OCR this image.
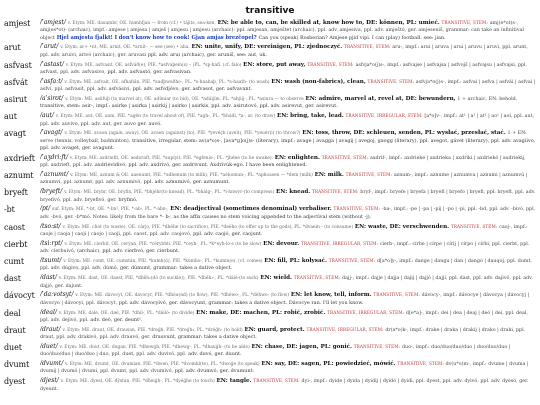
transitive
amjest	/ˈamjest/ v. Etym: ME. daxumbr, OE. humbfjan — from (cf.) • tájits, sea-ken, EN: be able to, can, be skilled at, know how to, DE: können, PL: umieć. TRANSITIVE, STEM: amj(e*ot)s-, amj(es*ot)- (archaic), impf.: amjese | amjesa | amješ | amjesu | amjesu (archaic): ppl. amjesan, amještet (archaic), ppl. adv. amjesiva, ppl. adv. amještó, ger. amjeseniš, grammar: can take an infinitival object Hjel amjesta fjalkt! I don't know how to cook! Gjan amjas brezčopel? Can you (speak) Rosberian? Amjese pjid vipi. I can (play) football. see: jian.
arut	/ˈarut/ v. Etym: ar+ •nt, ME. arnit, OE. *arnít– — see (see) • aha. EN: unite, unify, DE: vereinigen, PL: zjednoczyć. TRANSITIVE, STEM: aru-, impf.: arui | aruva | arui | aruvu | aruvi, ppl. arunt, ppl. adv. aruivi, arivó (archaic), ger. aruvasi ppl. adv. arui (archaic), ger. aruniš, see: aut, uk.
asfvast	/ˈastast/ v. Etym: ME. asfvasit, OE. asfváð(e), PIE. *asfvaþein(s) – (PL. *sp·hafí. (cf. falo) EN: store, put away, TRANSITIVE, STEM: asfvja*o(j)s-, impf.: asfvajse | asfvajsa | asfvojš | asfvajsu | asfvajsi, ppl. asfvast, ppl. adv. asfvasivo, ppl. adv. asfvastó, ger. asfvasivan.
asfvát	/ˈasfaːt/ v. Etym: ME. asfvait, OE. afhafián, PIE. *audþwuðho-, PL. *s-haahaþ, PL. *s-haath- (to wash) EN: wash (non-fabrics), clean, TRANSITIVE, STEM: asfvja*o(j)s-, impf.: asfvai | asfva | asfvái | asfvai | asfvi, ppl. asfvasit, ppl. adv. asfvásivi, ppl. adv. asfvdjóvo, ger. asfvasot, ger. asfvavant.
asirut	/aˈsirʊt/ v. Etym: ME. asiifuþ (to marvel at), OE. adímiar (to bid), OE. *adáijím, PL. *ahjiij-, PL. *asinra — to observe EN: admire, marvel at, revel at, DE: bewundern, 1 + archaic, EN: behold. transitive, stem: asir-, impf.: asirke | asirka | asirkij | asirko | asirkis, ppl. adv. asirutovó, ppl. adv. asirevut, ger. asirevut.
aut	/aut/ v. Etym: ME. aut, OE. aam, PIE. *agén (to travel about of), PIE. *agh-, PL. *bhádi, *a-, ar, (to draw) EN: bring, take, lead. TRANSITIVE, IRREGULAR, STEM: [a*o]v-, impf.: at¹ | a¹ | at¹ | ao¹ | aol, ppl. aut, ppl. adv. auvivo, ppl. adv. aut, ger. auvo ger. auvó.
avagt	/ˈavagt/ v. Etym: ME. avaon (again, away), OE. avaen (against) (to), PIE. *yevéçh (aveit), PIE. *yeuér(i) (to throw?) EN: toss, throw, DE: schleuen, senden, PL: wysłać, przesłać, stać. 1 + EN: serve (tennis, volleyball, badminton). transitive, irregular, stem: av(a*o)s-, [ava*g]o(j)s- (literary), impf.: avage | avagga | avagij | avegoj, gaogg (literary), ppl. avegot, gávet (literary), ppl. adv. avagiivo, ppl. adv. avaget, ger. avagunt.
axdrieft /ˈaʒdriːft/ v. Etym: ME. axdriefit, OE. aedoraft, PIE. *aupíyit, PIE. *egfenio-, PL. *jhéne (to be awake). EN: enlighten. TRANSITIVE, STEM: axdrif-, impf.: axdrieke | axdrieka | axdriki | axdriekó | axdriekij, ppl. axdrieft, ppl. adv. axdrievidivó, ppl. adv. axdrivó, ger. axdrivunt. Axdrivúk-ego. I have been enlightened.
aznumt	/ˈaznumt/ v. Etym: ME. aznum & OE. aaenumt, PIE. *adhenum (to milk), PIE. *aéhomun-, PL. *aphoasen — *dem (milk) EN: milk. TRANSITIVE, STEM: aznum-, impf.: aznume | aznumva | aznumi | aznumvú | aznumvi, ppl. aznumt, ppl. adv. aznumivó, ppl. adv. aznumivó, ger. aznumunt.
bryeft	/bryeft/ v. Etym: ME. brybr, OE. bryfin, PIE. *bhjéhr(to knead), PL. *bhálg-, PL. *i-hnwyr-(to compress) EN: knead. TRANSITIVE, STEM: bryf-, impf.: bryefe | bryefa | bryefi | bryefo | bryefi, ppl. bryeft, ppl. adv. bryefivó, ppl. adv. bryefivó, ger. bryfmó.
-bt	/pt/ suf. Etym: ME. *-bt, OE. *-bn², PIE. *-ab-, PL. *-abn-, EN: deadjectival (sometimes denominal) verbaliser. TRANSITIVE, STEM: -ba-, impf.: -pe | -pa | -pij | -po | -pi, ppl. -bd, ppl. adv. -bivó, ppl. adv. -bvó, ger. -b*mó. Notes: likely from the bare *- b-, as the affix causes no stem voicing appended to the adjectival stem (without -j).
caost	/tso:st/ v. Etym: ME. chot (to waste), OE. cárjo, PIE. *dhéhe (to sacrifice), PIE. *deèho (to offer up to the gods), PL. *dvaein - (to consume) EN: waste, DE: verschwenden. TRANSITIVE, STEM: caoj-, impf.: caoje | caoja | caoji | caojo | caoji, ppl. caost, ppl. adv. caojovó, ppl. adv. caojó, ger. caojunt.
cierbt	/tsiːrpt/ v. Etym: ME. cíerbit, OE. cerýan, PIE. *cérybhti, PIE. *ceyh-, PL. *kʷeyh-lo-s (to be slow) EN: devour. TRANSITIVE, IRREGULAR, STEM: cierb-, impf.: círbe | círpe | círij | círpo | círbi, ppl. cierbt, ppl. adv. cíerbuivó, (archaic), ppl. adv. cierbvó, ger. cierbunt.
cumt	/tsumt/ v. Etym: ME. comt, OE. cumstán, PIE. *kumh(ó), PIE. *kumho-, PL. *kumin(e). (cf. comes) EN: fill, PL: kołysać. TRANSITIVE, STEM: d[a*o]y-, impf.: dange | dangu | dan | dangó | dauqoj, ppl. dumt, ppl. adv. dúgivo, ppl. adv. dúmó, ger. dúmunt, grammar: takes a dative object.
dast	/dast/ v. Etym: ME. dast, OE. daest, PIE. *dhēh₁(dó (to suckle)), PIE. *dhēh₁-, PL. *dáiè-(to suck) EN: wield. TRANSITIVE, STEM: dajj-, impf.: dajje | dajja | dajij | dajjó | dajjí, ppl. dast, ppl. adv. dajivó, ppl. adv. dajjó, ger. dajunt.
dávocyt /ˈdaːvotsyt/ v. Etym: ME. dávocyt, OE. dávocyr, PIE. *dhóu(nd) (to flow), PIE. *dhéwo-, PL. *déhwo- (to flow) EN: let know, tell, inform. TRANSITIVE, STEM: dávocy-, impf.: dávocye | dávocya | dávocyj | dávocyo | dávocyi, ppl. dávocyt, ppl. adv. dávocyivó, ger. dávocyunt, grammar: takes a dative object. Dávocye ran. I'll let you know.
deal	/deal/ v. Etym: ME. dale, OE. dæl, PIE. *dhíl-, PL. *dáilò- (to divide) EN: make, DE: machen, PL: robić, zrobić. TRANSITIVE, IRREGULAR, STEM: d[e*a]-, impf.: dei | dea | deaj | deó | deí, ppl. deal, ppl. adv. dejivó, ppl. adv. deó, ger. deunt¹.
draut	/draut/ v. Etym: ME. draut, OE. drausan, PIE. *dreǵh, PIE. *dreǵh₂, PL. *dréǵh- (to hold) EN: guard, protect. TRANSITIVE, IRREGULAR, STEM: dr(a*o)k-, impf.: drake | draka | drakij | drako | draki, ppl. draut, ppl. adv. drakivó, ppl. adv. drauvó, ger. drauvunt, grammar: takes a dative object.
duet	/duet/ v. Etym: ME. duut, OE. dugan, PIE. *dhewgh, PIE. *dhewg-, PL. *dhauǵh- (to be able) EN: chase, DE: jagen, PL: gonić. TRANSITIVE, STEM: duo-, impf.: duo/duo/duo/duo | duo/duo/duo | duo/duo/duo | duo/duo | duo, ppl. duet, ppl. adv. duvivó, ppl. adv. duvó, ger. duunt.
dvumt	/dvumt/ v. Etym: ME. dvumt, OE. dvumian, PIE. *dwen, PIE. *dvomhl(te), PL. *dwoǵe (to speak) EN: say, DE: sagen, PL: powiedzieć, mówić. TRANSITIVE, STEM: dv(u*o)m-, impf.: dvume | dvuma | dvumij | dvumó | dvumi, ppl. dvumt, ppl. adv. dvumivó, ppl. adv. dvumvó, ger. dvumunt.
dyest	/djest/ v. Etym: ME. dyest, OE. dȳstan, PIE. *dheiǵh-, PL. *dyéǵhe (to touch) EN: tangle. TRANSITIVE, STEM: dyi-, impf.: dyide | dyida | dyidij | dyidó | dyidi, ppl. dyest, ppl. adv. dyivó, ppl. adv. dyesó, ger. dyeunt.
